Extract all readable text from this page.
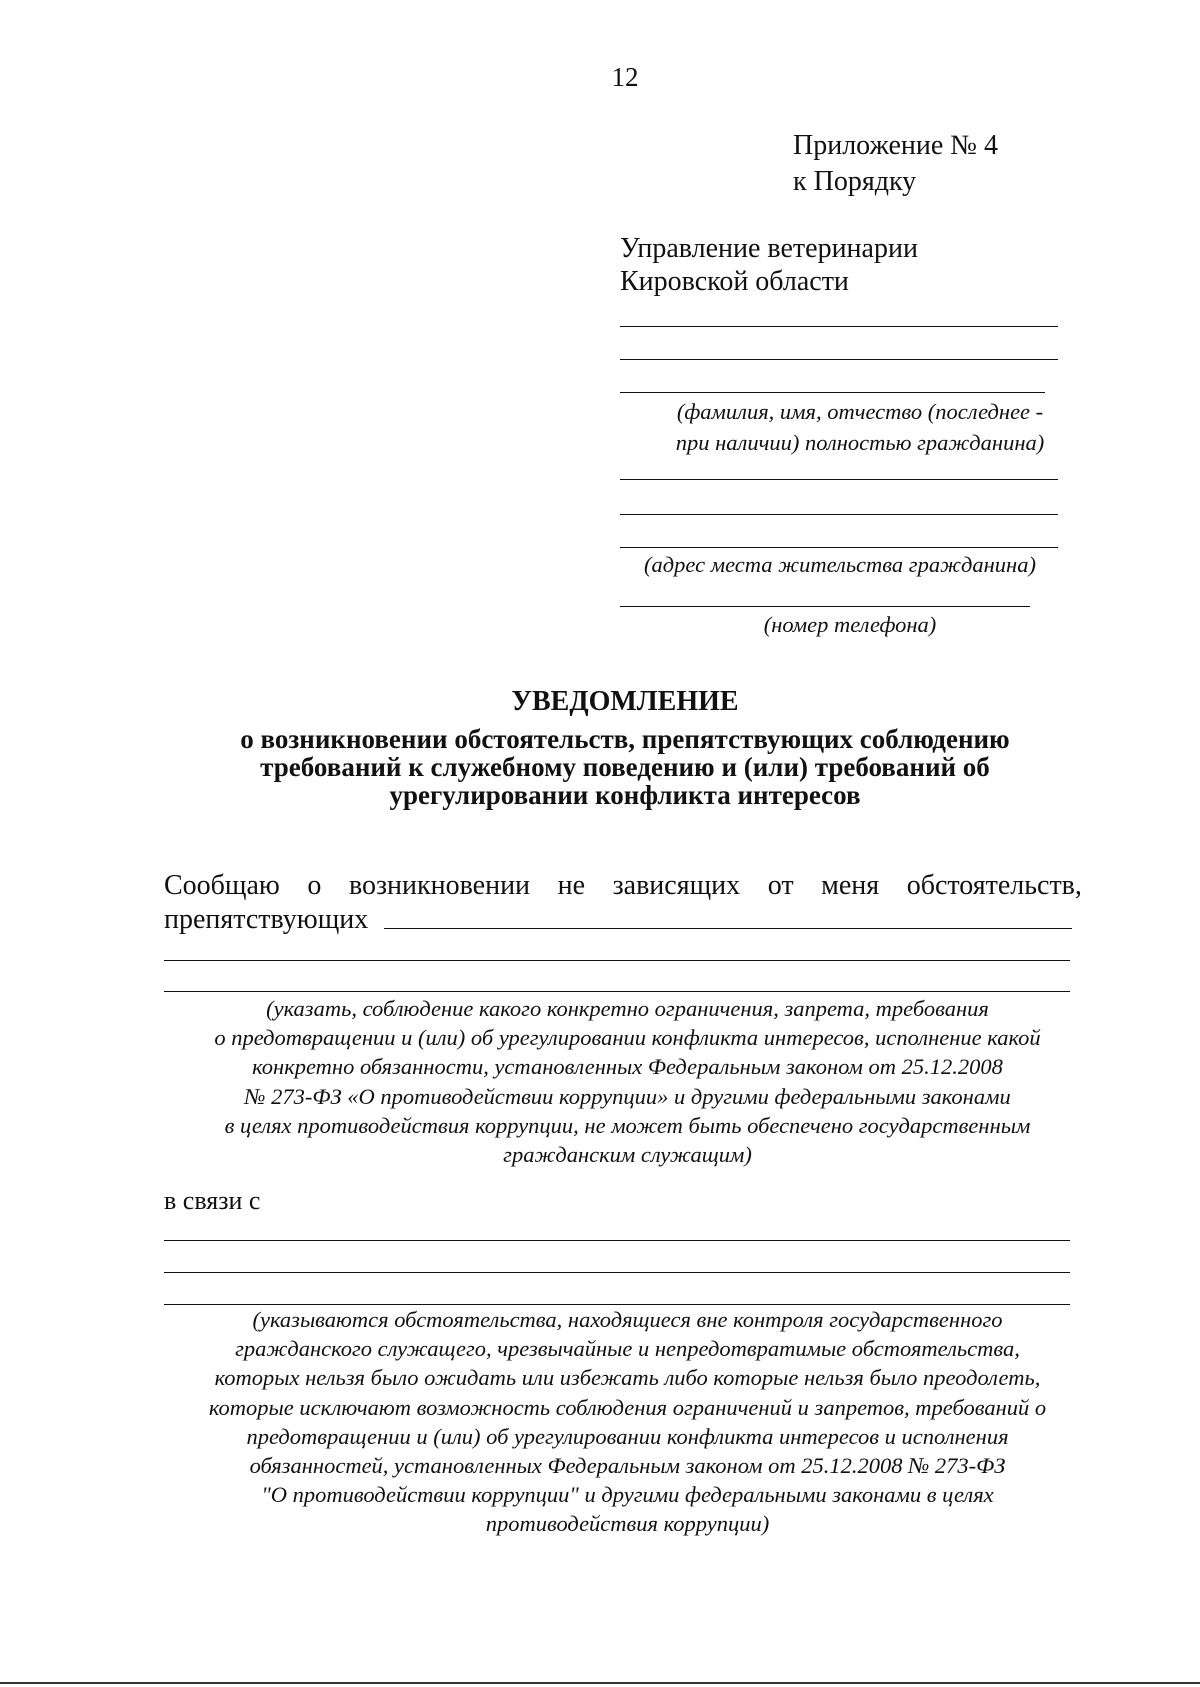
12
Приложение № 4
к Порядку
Управление ветеринарии
Кировской области
(фамилия, имя, отчество (последнее -
при наличии) полностью гражданина)
(адрес места жительства гражданина)
(номер телефона)
УВЕДОМЛЕНИЕ
о возникновении обстоятельств, препятствующих соблюдению
требований к служебному поведению и (или) требований об
урегулировании конфликта интересов
Сообщаю о возникновении не зависящих от меня обстоятельств,
препятствующих
(указать, соблюдение какого конкретно ограничения, запрета, требования
о предотвращении и (или) об урегулировании конфликта интересов, исполнение какой
конкретно обязанности, установленных Федеральным законом от 25.12.2008
№ 273-ФЗ «О противодействии коррупции» и другими федеральными законами
в целях противодействия коррупции, не может быть обеспечено государственным
гражданским служащим)
в связи с
(указываются обстоятельства, находящиеся вне контроля государственного
гражданского служащего, чрезвычайные и непредотвратимые обстоятельства,
которых нельзя было ожидать или избежать либо которые нельзя было преодолеть,
которые исключают возможность соблюдения ограничений и запретов, требований о
предотвращении и (или) об урегулировании конфликта интересов и исполнения
обязанностей, установленных Федеральным законом от 25.12.2008 № 273-ФЗ
"О противодействии коррупции" и другими федеральными законами в целях
противодействия коррупции)
